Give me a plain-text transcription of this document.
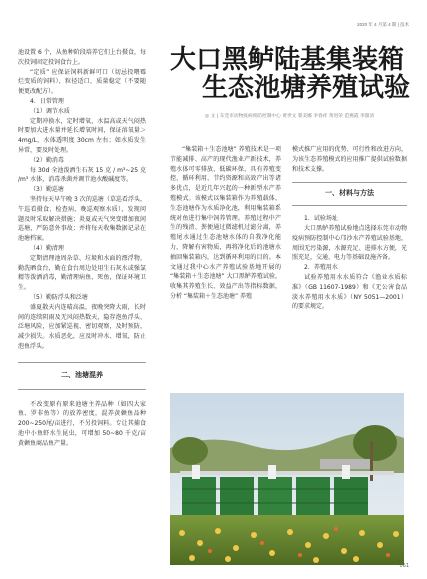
2020 年 4 月第 4 期 | 技术

池设置 6 个，从鱼种阶段培养它们上台摄食，每次投饲固定投饲食台上。

“定质” 应保证饲料新鲜可口（切忌投喂霉烂变质的饲料），粒径适口，质量稳定（不要随便更改配方）。

4．日常管理

（1）调节水质

定期冲换水，定时增氧，水温高或天气闷热时要加大进水量并延长增氧时间，保证溶氧量＞ 4mg/L，水体透明度 30cm 左右；如水质发生异常，要及时处理。

（2）勤消毒

每 30d 全池泼洒生石灰 15 克 / m³~25 克 /m³ 水体，消毒杀菌并调节池水酸碱度等。

（3）勤巡塘

坚持每天早午晚 3 次的巡塘（草巡看浮头，午巡看摄食、检查病，晚巡观察水质），发现问题及时采取解决措施；炎夏或天气突变增加夜间巡塘，严防意外事故；并将每天收集数据记录在池塘档案。

（4）勤清理

定期清理池周杂草、垃圾和水面的漂浮物，勤洗晒食台，勤在食台周边处用生石灰水或强氯精等泼洒消毒，勤清理病鱼、死鱼，保证环境卫生。

（5）勤防浮头和泛塘

盛夏散天内连晴高温，夜晚突降大雨，长时间的连续阴雨及无风闷热数天，隐存泡鱼浮头、泛塘风险，应加紧巡视、密切观察，及时预防，减少损失。水质恶化，应及时冲水、增氧，防止泡鱼浮头。

二、池塘混养

不改变原有原来池塘主养品种（如四大家鱼、罗非鱼等）的放养密度，混养黄颡鱼品种 200~250尾/亩进行，不另投饲料。专让其捕食池中小鱼虾水生昆虫，可增加 50~80 千克/亩黄颡鱼商品鱼产量。

大口黑鲈陆基集装箱
生态池塘养殖试验

◎ 文 | 东莞市动物疫病预防控制中心 黄世文 黎美娜 李春祥 黄进荣 范燕霞 李甜清

“集装箱＋生态池塘” 养殖技术是一项节能减排、高产的现代渔业产新技术，养殖水体可零排放、低碳环保，具有养殖变控、循环利用、节约资源和高效产出等诸多优点，是近几年兴起的一种新型水产养殖模式。该模式以集装箱作为养殖载体，生态池塘作为水质净化池，利用集装箱系统对鱼进行集中饲养管理。养殖过程中产生的残渣、粪便通过微滤机过滤分离，养殖尾水通过生态池塘水体的自我净化能力，降解有害物质，再将净化后的池塘水抽回集装箱内，达到循环利用的目的。本文通过我中心水产养殖试验基地开展的 “集装箱＋生态池塘” 大口黑鲈养殖试验，收集其养殖生长、效益产出等指标数据，分析 “集装箱＋生态池塘” 养殖

模式推广应用的优势、可行性和改进方向，为该生态养殖模式的应用推广提供试验数据和技术支撑。

一、材料与方法

1．试验场址

大口黑鲈养殖试验地点选择东莞市动物疫病预防控制中心邝沙水产养殖试验基地，周围无污染源，水源充足、进排水方便，光照充足，交通、电力等基础设施齐备。

2．养殖用水

试验养殖用水水质符合《渔业水质标准》（GB 11607-1989）和《无公害食品淡水养殖用水水质》（NY 5051—2001）的要求规定。

061
